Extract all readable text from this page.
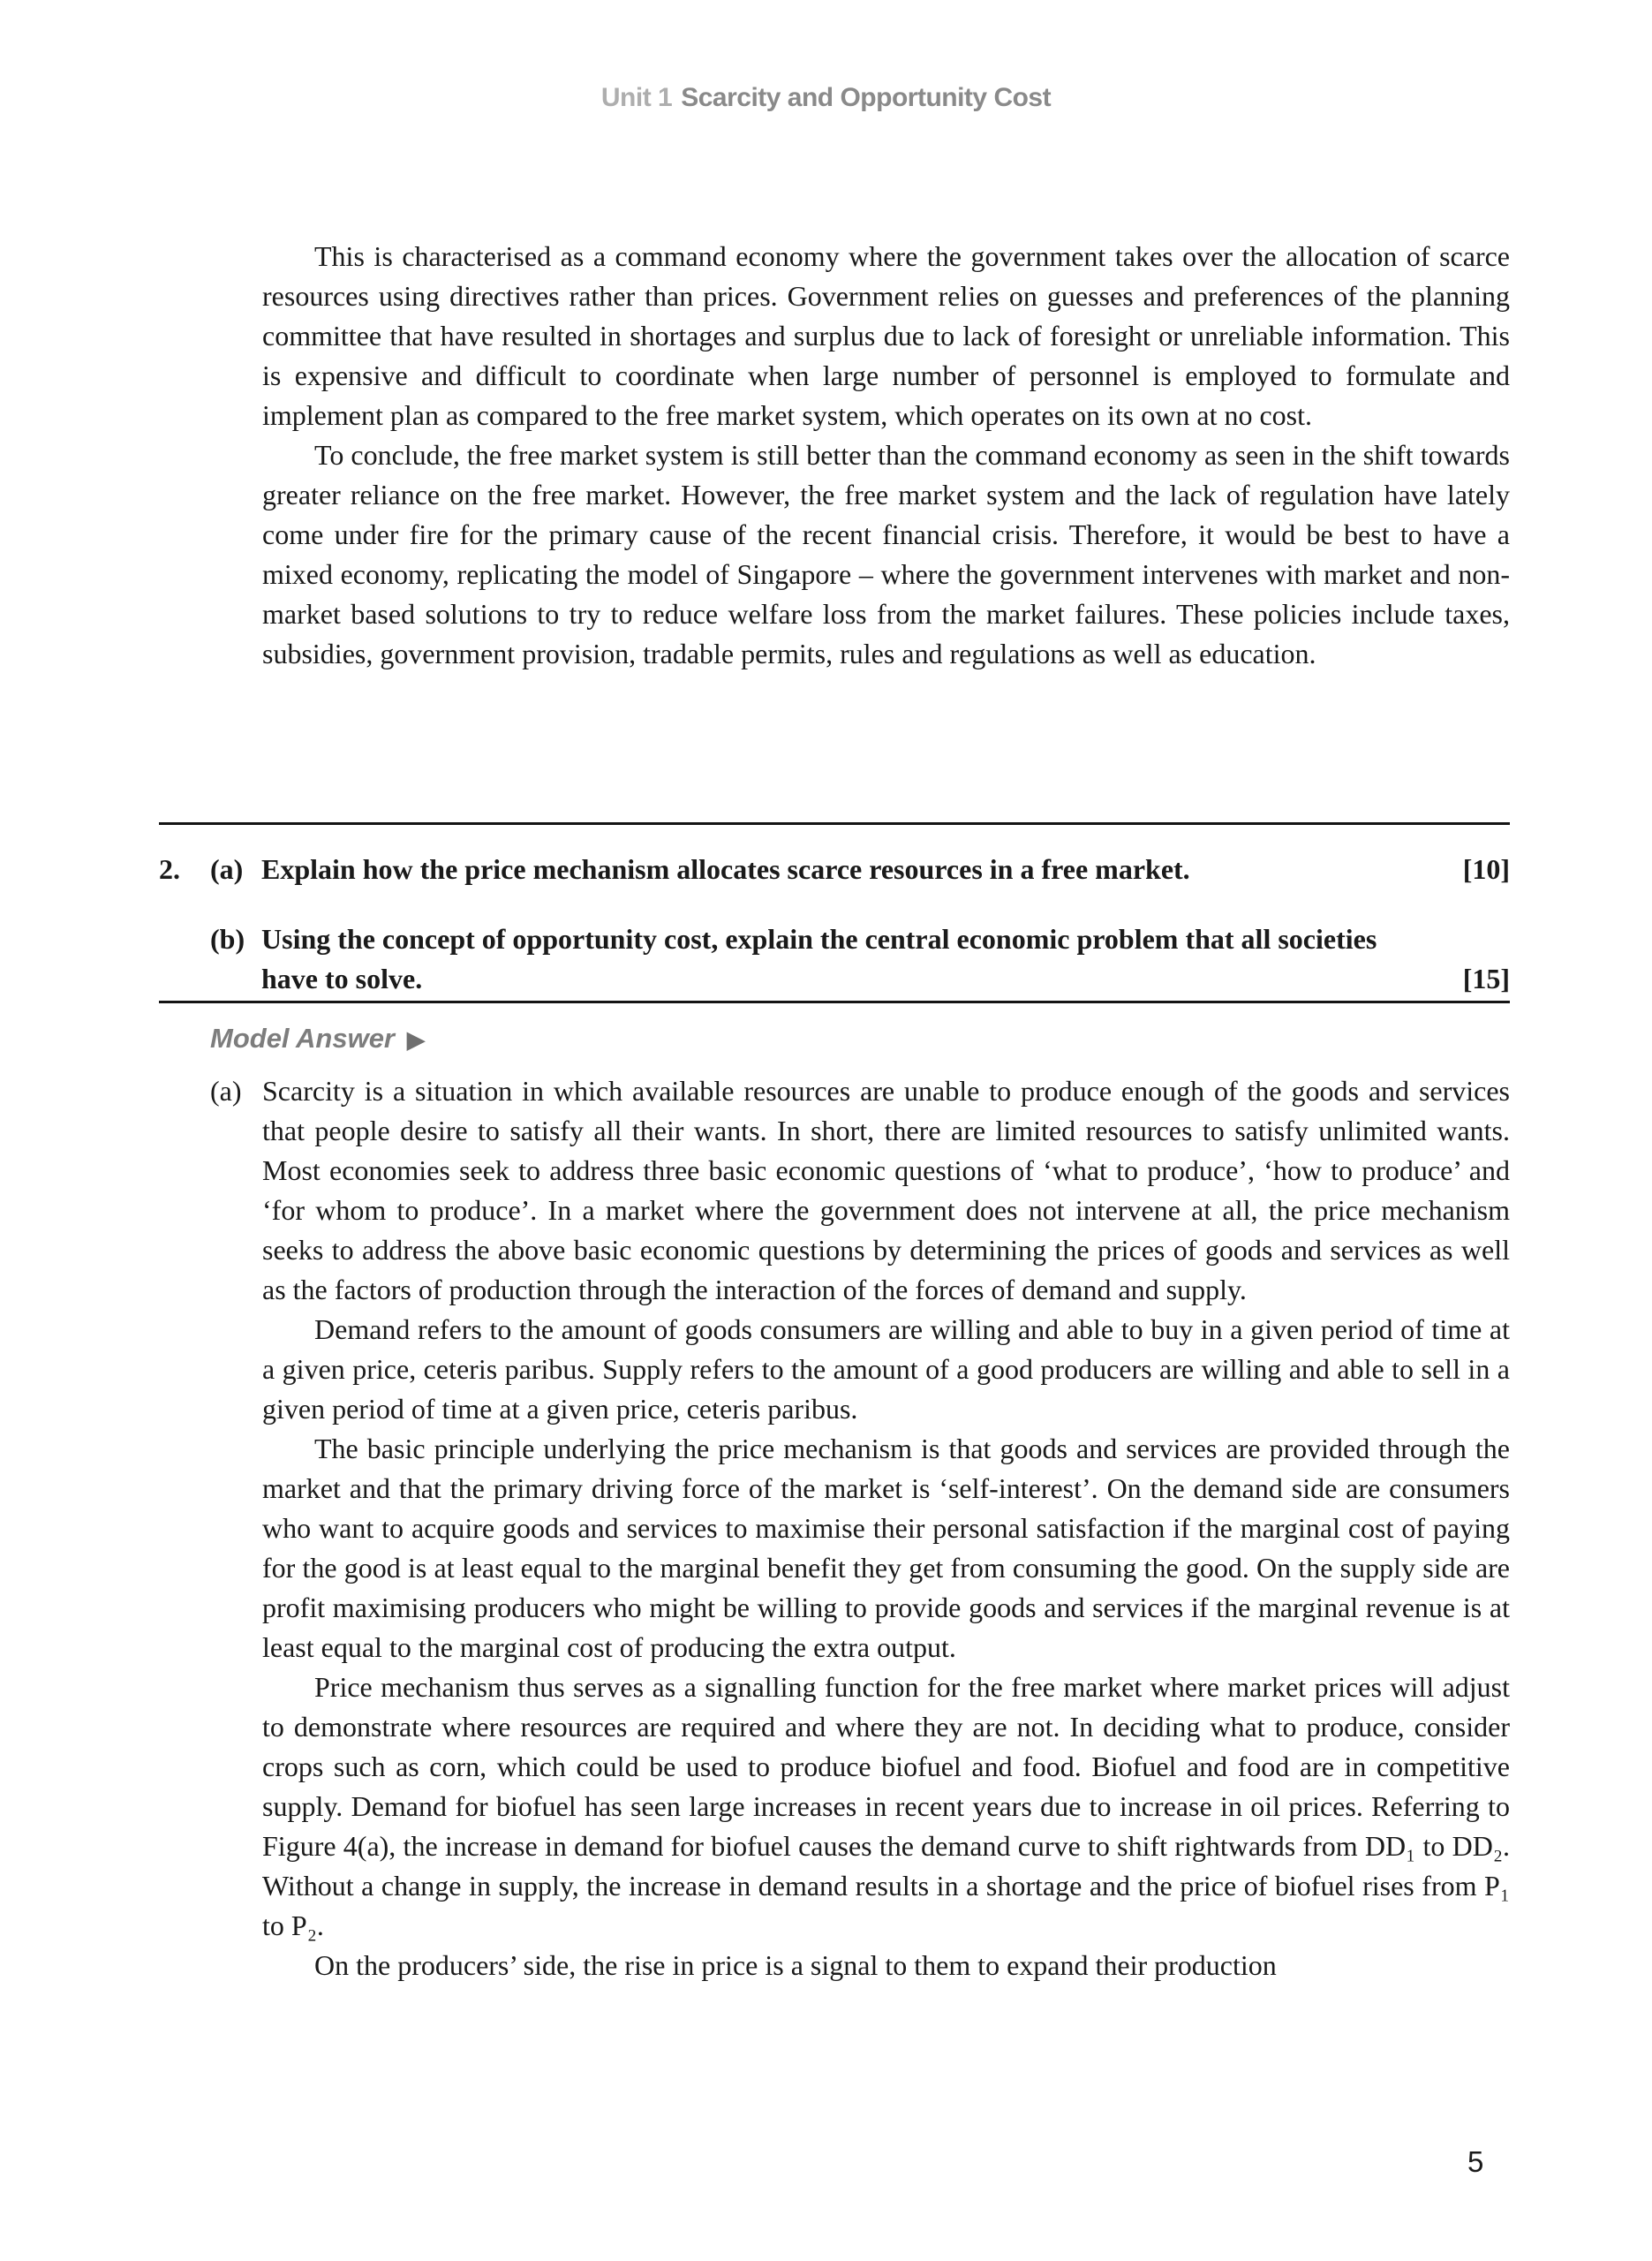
Unit 1 Scarcity and Opportunity Cost

This is characterised as a command economy where the government takes over the allocation of scarce resources using directives rather than prices. Government relies on guesses and preferences of the planning committee that have resulted in shortages and surplus due to lack of foresight or unreliable information. This is expensive and difficult to coordinate when large number of personnel is employed to formulate and implement plan as compared to the free market system, which operates on its own at no cost.

To conclude, the free market system is still better than the command economy as seen in the shift towards greater reliance on the free market. However, the free market system and the lack of regulation have lately come under fire for the primary cause of the recent financial crisis. Therefore, it would be best to have a mixed economy, replicating the model of Singapore – where the government intervenes with market and non-market based solutions to try to reduce welfare loss from the market failures. These policies include taxes, subsidies, government provision, tradable permits, rules and regulations as well as education.

2. (a) Explain how the price mechanism allocates scarce resources in a free market.	[10]
(b) Using the concept of opportunity cost, explain the central economic problem that all societies have to solve.	[15]
Model Answer ▶
(a) Scarcity is a situation in which available resources are unable to produce enough of the goods and services that people desire to satisfy all their wants. In short, there are limited resources to satisfy unlimited wants. Most economies seek to address three basic economic questions of ‘what to produce’, ‘how to produce’ and ‘for whom to produce’. In a market where the government does not intervene at all, the price mechanism seeks to address the above basic economic questions by determining the prices of goods and services as well as the factors of production through the interaction of the forces of demand and supply.

Demand refers to the amount of goods consumers are willing and able to buy in a given period of time at a given price, ceteris paribus. Supply refers to the amount of a good producers are willing and able to sell in a given period of time at a given price, ceteris paribus.

The basic principle underlying the price mechanism is that goods and services are provided through the market and that the primary driving force of the market is ‘self-interest’. On the demand side are consumers who want to acquire goods and services to maximise their personal satisfaction if the marginal cost of paying for the good is at least equal to the marginal benefit they get from consuming the good. On the supply side are profit maximising producers who might be willing to provide goods and services if the marginal revenue is at least equal to the marginal cost of producing the extra output.

Price mechanism thus serves as a signalling function for the free market where market prices will adjust to demonstrate where resources are required and where they are not. In deciding what to produce, consider crops such as corn, which could be used to produce biofuel and food. Biofuel and food are in competitive supply. Demand for biofuel has seen large increases in recent years due to increase in oil prices. Referring to Figure 4(a), the increase in demand for biofuel causes the demand curve to shift rightwards from DD₁ to DD₂. Without a change in supply, the increase in demand results in a shortage and the price of biofuel rises from P₁ to P₂.

On the producers’ side, the rise in price is a signal to them to expand their production

5
